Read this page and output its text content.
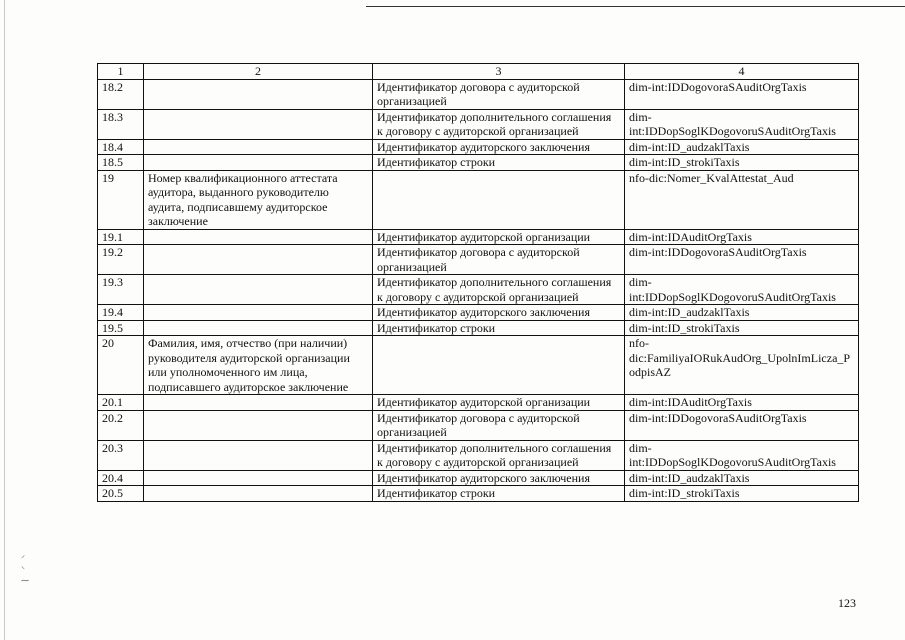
⸍
⸌
⁓
1	2	3	4
18.2		Идентификатор договора с аудиторской организацией	dim-int:IDDogovoraSAuditOrgTaxis
18.3		Идентификатор дополнительного соглашения к договору с аудиторской организацией	dim-int:IDDopSoglKDogovoruSAuditOrgTaxis
18.4		Идентификатор аудиторского заключения	dim-int:ID_audzaklTaxis
18.5		Идентификатор строки	dim-int:ID_strokiTaxis
19	Номер квалификационного аттестата аудитора, выданного руководителю аудита, подписавшему аудиторское заключение		nfo-dic:Nomer_KvalAttestat_Aud
19.1		Идентификатор аудиторской организации	dim-int:IDAuditOrgTaxis
19.2		Идентификатор договора с аудиторской организацией	dim-int:IDDogovoraSAuditOrgTaxis
19.3		Идентификатор дополнительного соглашения к договору с аудиторской организацией	dim-int:IDDopSoglKDogovoruSAuditOrgTaxis
19.4		Идентификатор аудиторского заключения	dim-int:ID_audzaklTaxis
19.5		Идентификатор строки	dim-int:ID_strokiTaxis
20	Фамилия, имя, отчество (при наличии) руководителя аудиторской организации или уполномоченного им лица, подписавшего аудиторское заключение		nfo-dic:FamiliyaIORukAudOrg_UpolnImLicza_PodpisAZ
20.1		Идентификатор аудиторской организации	dim-int:IDAuditOrgTaxis
20.2		Идентификатор договора с аудиторской организацией	dim-int:IDDogovoraSAuditOrgTaxis
20.3		Идентификатор дополнительного соглашения к договору с аудиторской организацией	dim-int:IDDopSoglKDogovoruSAuditOrgTaxis
20.4		Идентификатор аудиторского заключения	dim-int:ID_audzaklTaxis
20.5		Идентификатор строки	dim-int:ID_strokiTaxis
123
